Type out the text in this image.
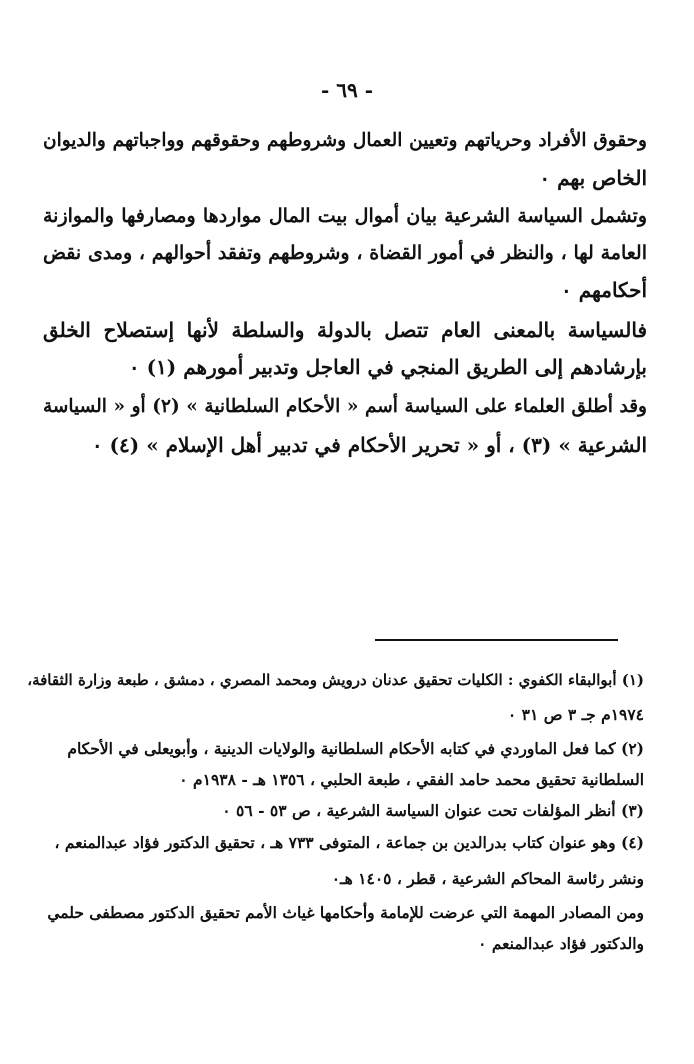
- ٦٩ -
وحقوق الأفراد وحرياتهم وتعيين العمال وشروطهم وحقوقهم وواجباتهم والديوان
الخاص بهم ٠
وتشمل السياسة الشرعية بيان أموال بيت المال مواردها ومصارفها والموازنة
العامة لها ، والنظر في أمور القضاة ، وشروطهم وتفقد أحوالهم ، ومدى نقض
أحكامهم ٠
فالسياسة بالمعنى العام تتصل بالدولة والسلطة لأنها إستصلاح الخلق
بإرشادهم إلى الطريق المنجي في العاجل وتدبير أمورهم (١) ٠
وقد أطلق العلماء على السياسة أسم « الأحكام السلطانية » (٢) أو « السياسة
الشرعية » (٣) ، أو « تحرير الأحكام في تدبير أهل الإسلام » (٤) ٠
(١) أبوالبقاء الكفوي : الكليات تحقيق عدنان درويش ومحمد المصري ، دمشق ، طبعة وزارة الثقافة،
١٩٧٤م جـ ٣ ص ٣١ ٠
(٢) كما فعل الماوردي في كتابه الأحكام السلطانية والولايات الدينية ، وأبويعلى في الأحكام
السلطانية تحقيق محمد حامد الفقي ، طبعة الحلبي ، ١٣٥٦ هـ - ١٩٣٨م ٠
(٣) أنظر المؤلفات تحت عنوان السياسة الشرعية ، ص ٥٣ - ٥٦ ٠
(٤) وهو عنوان كتاب بدرالدين بن جماعة ، المتوفى ٧٣٣ هـ ، تحقيق الدكتور فؤاد عبدالمنعم ،
ونشر رئاسة المحاكم الشرعية ، قطر ، ١٤٠٥ هـ٠
ومن المصادر المهمة التي عرضت للإمامة وأحكامها غياث الأمم تحقيق الدكتور مصطفى حلمي
والدكتور فؤاد عبدالمنعم ٠
